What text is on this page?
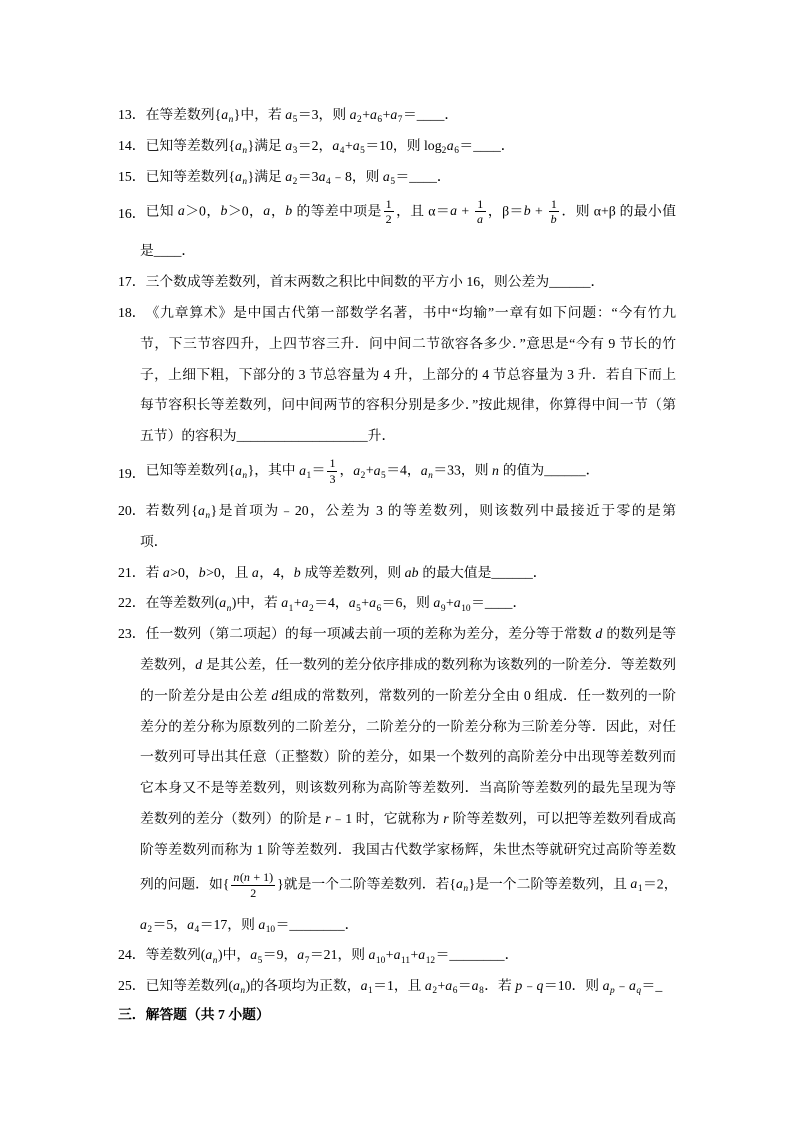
13． 在等差数列$\{a_n\}$中，若 $a_5=3$，则 $a_2+a_6+a_7=\_\_\_\_$．
14． 已知等差数列$\{a_n\}$满足 $a_3=2$，$a_4+a_5=10$，则 $\log_2a_6=\_\_\_\_$．
15． 已知等差数列$\{a_n\}$满足 $a_2=3a_4﹣8$，则 $a_5=\_\_\_\_$．
16． 已知 a＞0，b＞0，a，b 的等差中项是 $\frac{1}{2}$ ，且 $\alpha=a + \frac{1}{a}$ ，$\beta=b + \frac{1}{b}$ ．则 α+β 的最小值
是____．
17． 三个数成等差数列，首末两数之积比中间数的平方小 16，则公差为______．
18． 《九章算术》是中国古代第一部数学名著，书中“均输”一章有如下问题：“今有竹九
节，下三节容四升，上四节容三升．问中间二节欲容各多少．”意思是“今有 9 节长的竹
子，上细下粗，下部分的 3 节总容量为 4 升，上部分的 4 节总容量为 3 升．若自下而上
每节容积长等差数列，问中间两节的容积分别是多少．”按此规律，你算得中间一节（第
五节）的容积为___________________升．
19． 已知等差数列$\{a_n\}$，其中 $a_1= \frac{1}{3}$ ，$a_2+a_5=4$，$a_n=33$，则 n 的值为______．
20． 若数列$\{a_n\}$是首项为﹣20，公差为 3 的等差数列，则该数列中最接近于零的是第
项．
21． 若 a>0，b>0，且 a，4，b 成等差数列，则 ab 的最大值是______．
22． 在等差数列$(a_n)$中，若 $a_1+a_2=4$，$a_5+a_6=6$，则 $a_9+a_{10}=\_\_\_\_$．
23． 任一数列（第二项起）的每一项减去前一项的差称为差分，差分等于常数 d 的数列是等
差数列，d 是其公差，任一数列的差分依序排成的数列称为该数列的一阶差分．等差数列
的一阶差分是由公差 d组成的常数列，常数列的一阶差分全由 0 组成．任一数列的一阶
差分的差分称为原数列的二阶差分，二阶差分的一阶差分称为三阶差分等．因此，对任
一数列可导出其任意（正整数）阶的差分，如果一个数列的高阶差分中出现等差数列而
它本身又不是等差数列，则该数列称为高阶等差数列．当高阶等差数列的最先呈现为等
差数列的差分（数列）的阶是 r﹣1 时，它就称为 r 阶等差数列，可以把等差数列看成高
阶等差数列而称为 1 阶等差数列．我国古代数学家杨辉，朱世杰等就研究过高阶等差数
列的问题．如{ $\frac{n(n + 1)}{2}$ }就是一个二阶等差数列．若$\{a_n\}$是一个二阶等差数列，且 $a_1=2$，
$a_2=5$，$a_4=17$，则 $a_{10}=\_\_\_\_\_\_\_\_$．
24． 等差数列$(a_n)$中，$a_5=9$，$a_7=21$，则 $a_{10}+a_{11}+a_{12}=\_\_\_\_\_\_\_\_$．
25． 已知等差数列$(a_n)$的各项均为正数，$a_1=1$，且 $a_2+a_6=a_8$．若 p﹣q＝10．则 $a_p﹣a_q=\_$
三．解答题（共 7 小题）
